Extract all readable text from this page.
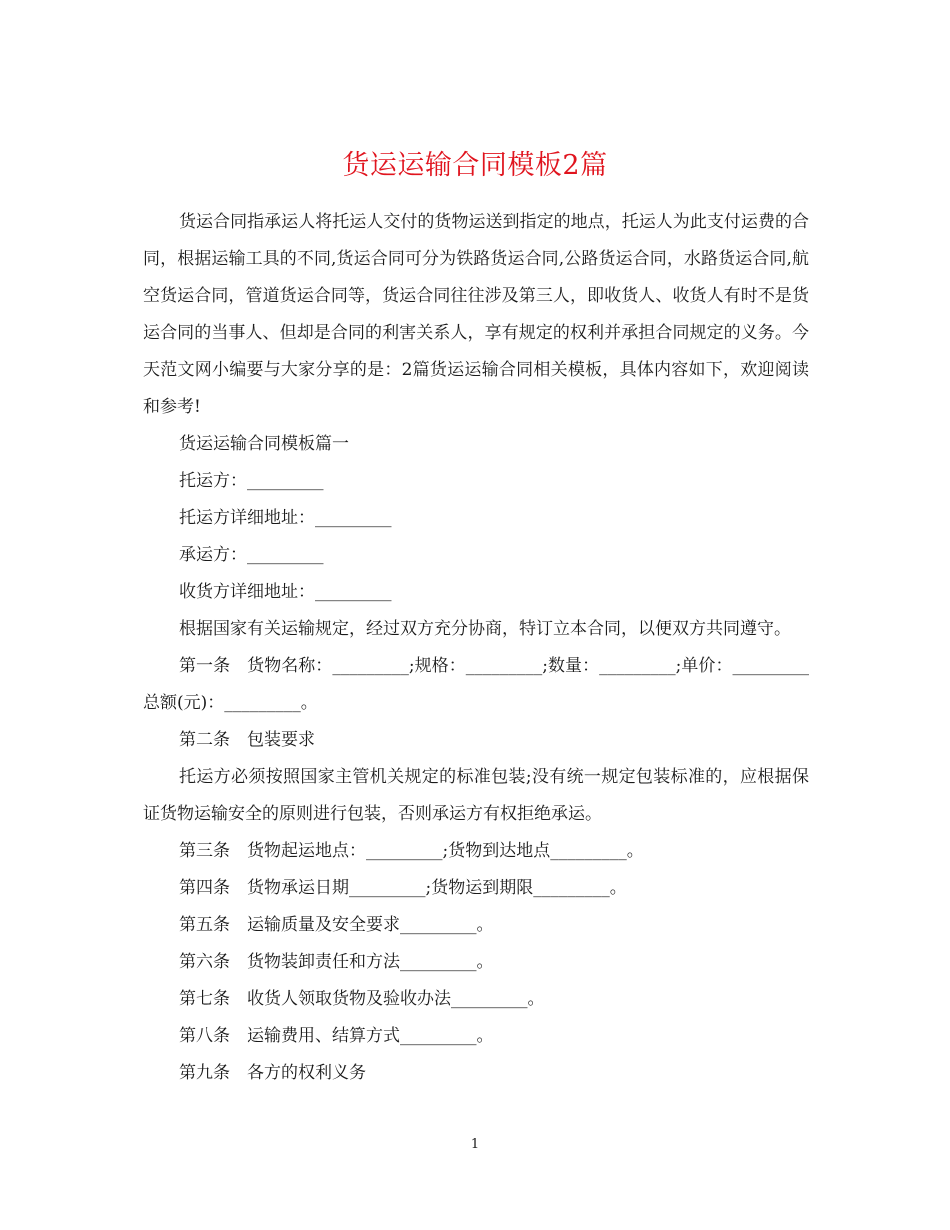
货运运输合同模板2篇

货运合同指承运人将托运人交付的货物运送到指定的地点，托运人为此支付运费的合同，根据运输工具的不同,货运合同可分为铁路货运合同,公路货运合同，水路货运合同,航空货运合同，管道货运合同等，货运合同往往涉及第三人，即收货人、收货人有时不是货运合同的当事人、但却是合同的利害关系人，享有规定的权利并承担合同规定的义务。今天范文网小编要与大家分享的是：2篇货运运输合同相关模板，具体内容如下，欢迎阅读和参考!

货运运输合同模板篇一

托运方：_________

托运方详细地址：_________

承运方：_________

收货方详细地址：_________

根据国家有关运输规定，经过双方充分协商，特订立本合同，以便双方共同遵守。

第一条　货物名称：_________;规格：_________;数量：_________;单价：_________总额(元)：_________。

第二条　包装要求

托运方必须按照国家主管机关规定的标准包装;没有统一规定包装标准的，应根据保证货物运输安全的原则进行包装，否则承运方有权拒绝承运。

第三条　货物起运地点：_________;货物到达地点_________。

第四条　货物承运日期_________;货物运到期限_________。

第五条　运输质量及安全要求_________。

第六条　货物装卸责任和方法_________。

第七条　收货人领取货物及验收办法_________。

第八条　运输费用、结算方式_________。

第九条　各方的权利义务

1
